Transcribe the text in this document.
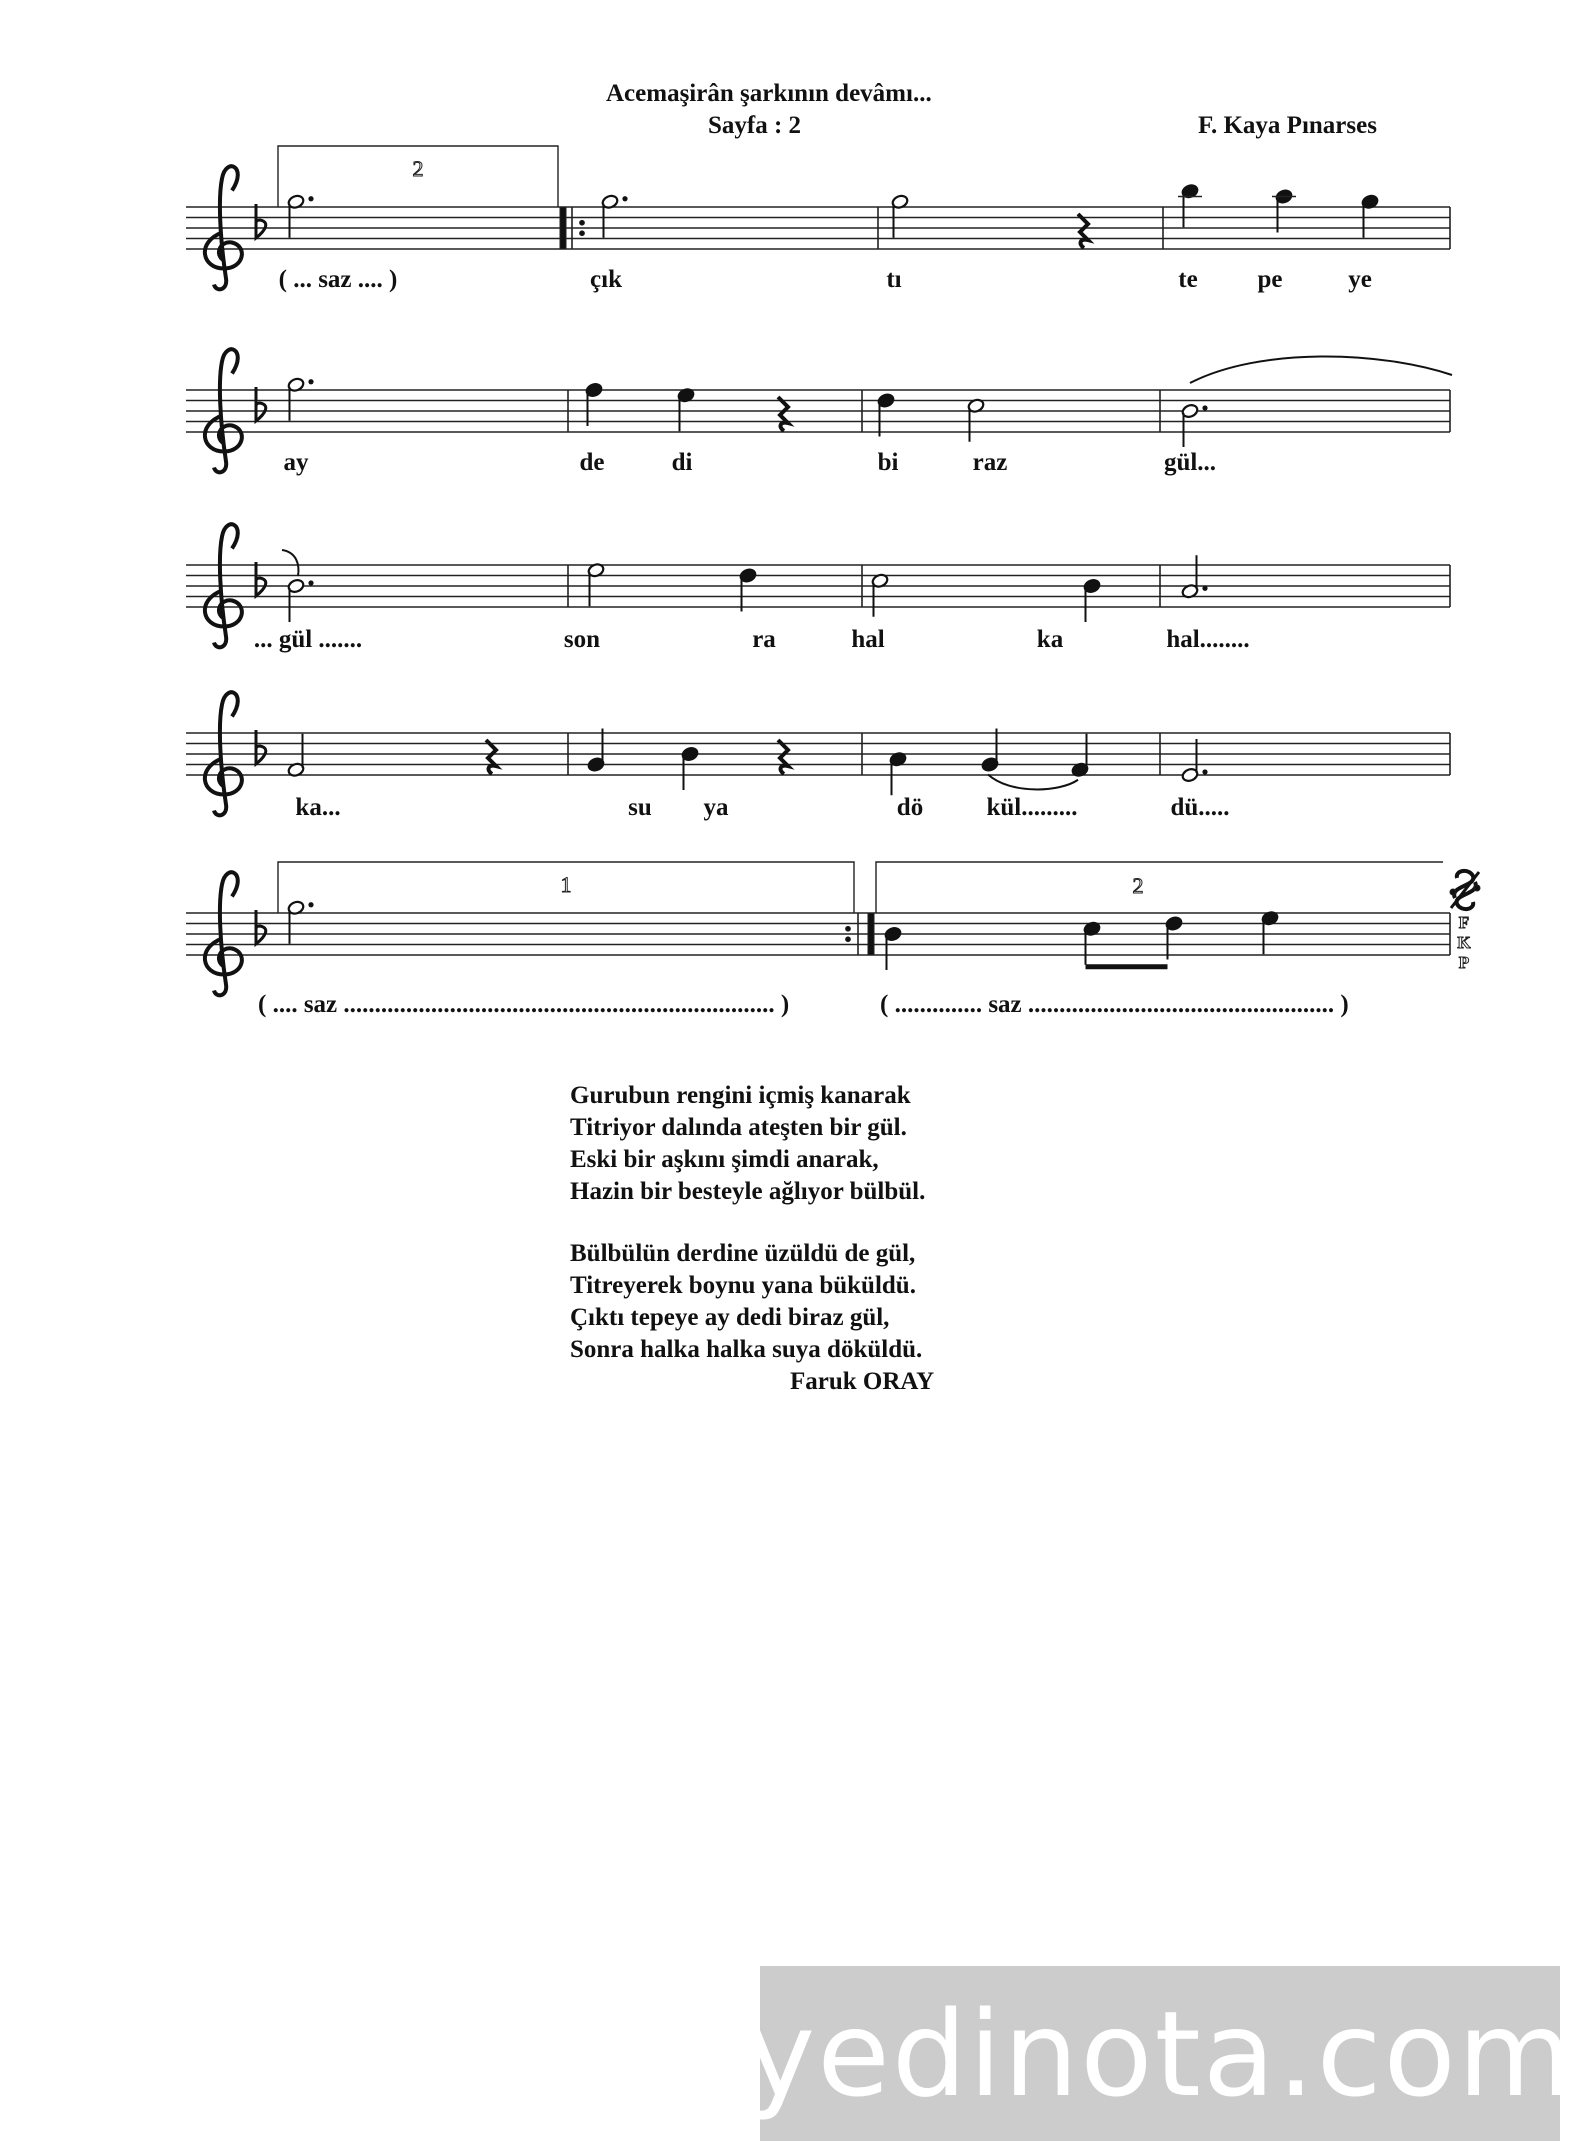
Acemaşirân şarkının devâmı...
Sayfa : 2	F. Kaya Pınarses
2
1	2
F
K
P
( ... saz .... )	çık	tı	te pe	ye
ay	de	di	bi	raz	gül...
... gül .......	son	ra	hal	ka	hal........
ka...	su ya	dö	kül.........	dü.....
( .... saz ..................................................................... )	( .............. saz ................................................. )
Gurubun rengini içmiş kanarak
Titriyor dalında ateşten bir gül.
Eski bir aşkını şimdi anarak,
Hazin bir besteyle ağlıyor bülbül.
Bülbülün derdine üzüldü de gül,
Titreyerek boynu yana büküldü.
Çıktı tepeye ay dedi biraz gül,
Sonra halka halka suya döküldü.
Faruk ORAY
yedinota.com
